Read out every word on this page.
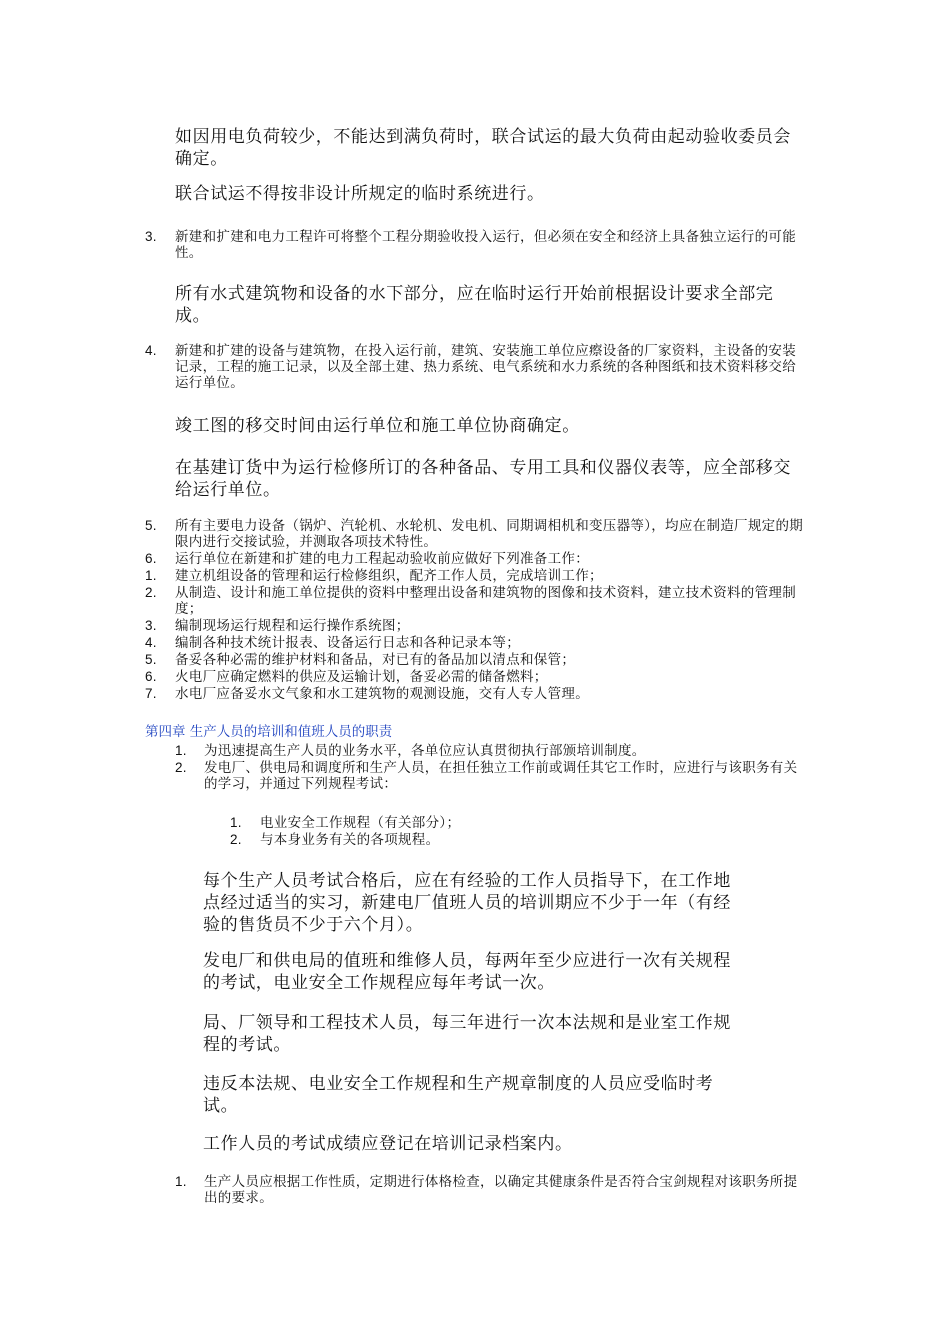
如因用电负荷较少，不能达到满负荷时，联合试运的最大负荷由起动验收委员会确定。
联合试运不得按非设计所规定的临时系统进行。
3. 新建和扩建和电力工程许可将整个工程分期验收投入运行，但必须在安全和经济上具备独立运行的可能性。
所有水式建筑物和设备的水下部分，应在临时运行开始前根据设计要求全部完成。
4. 新建和扩建的设备与建筑物，在投入运行前，建筑、安装施工单位应瘵设备的厂家资料，主设备的安装记录，工程的施工记录，以及全部土建、热力系统、电气系统和水力系统的各种图纸和技术资料移交给运行单位。
竣工图的移交时间由运行单位和施工单位协商确定。
在基建订货中为运行检修所订的各种备品、专用工具和仪器仪表等，应全部移交给运行单位。
5. 所有主要电力设备（锅炉、汽轮机、水轮机、发电机、同期调相机和变压器等），均应在制造厂规定的期限内进行交接试验，并测取各项技术特性。
6. 运行单位在新建和扩建的电力工程起动验收前应做好下列准备工作：
1. 建立机组设备的管理和运行检修组织，配齐工作人员，完成培训工作；
2. 从制造、设计和施工单位提供的资料中整理出设备和建筑物的图像和技术资料，建立技术资料的管理制度；
3. 编制现场运行规程和运行操作系统图；
4. 编制各种技术统计报表、设备运行日志和各种记录本等；
5. 备妥各种必需的维护材料和备品，对已有的备品加以清点和保管；
6. 火电厂应确定燃料的供应及运输计划，备妥必需的储备燃料；
7. 水电厂应备妥水文气象和水工建筑物的观测设施，交有人专人管理。
第四章 生产人员的培训和值班人员的职责
1. 为迅速提高生产人员的业务水平，各单位应认真贯彻执行部颁培训制度。
2. 发电厂、供电局和调度所和生产人员，在担任独立工作前或调任其它工作时，应进行与该职务有关的学习，并通过下列规程考试：
1. 电业安全工作规程（有关部分）；
2. 与本身业务有关的各项规程。
每个生产人员考试合格后，应在有经验的工作人员指导下，在工作地点经过适当的实习，新建电厂值班人员的培训期应不少于一年（有经验的售货员不少于六个月）。
发电厂和供电局的值班和维修人员，每两年至少应进行一次有关规程的考试，电业安全工作规程应每年考试一次。
局、厂领导和工程技术人员，每三年进行一次本法规和是业室工作规程的考试。
违反本法规、电业安全工作规程和生产规章制度的人员应受临时考试。
工作人员的考试成绩应登记在培训记录档案内。
1. 生产人员应根据工作性质，定期进行体格检查，以确定其健康条件是否符合宝剑规程对该职务所提出的要求。
